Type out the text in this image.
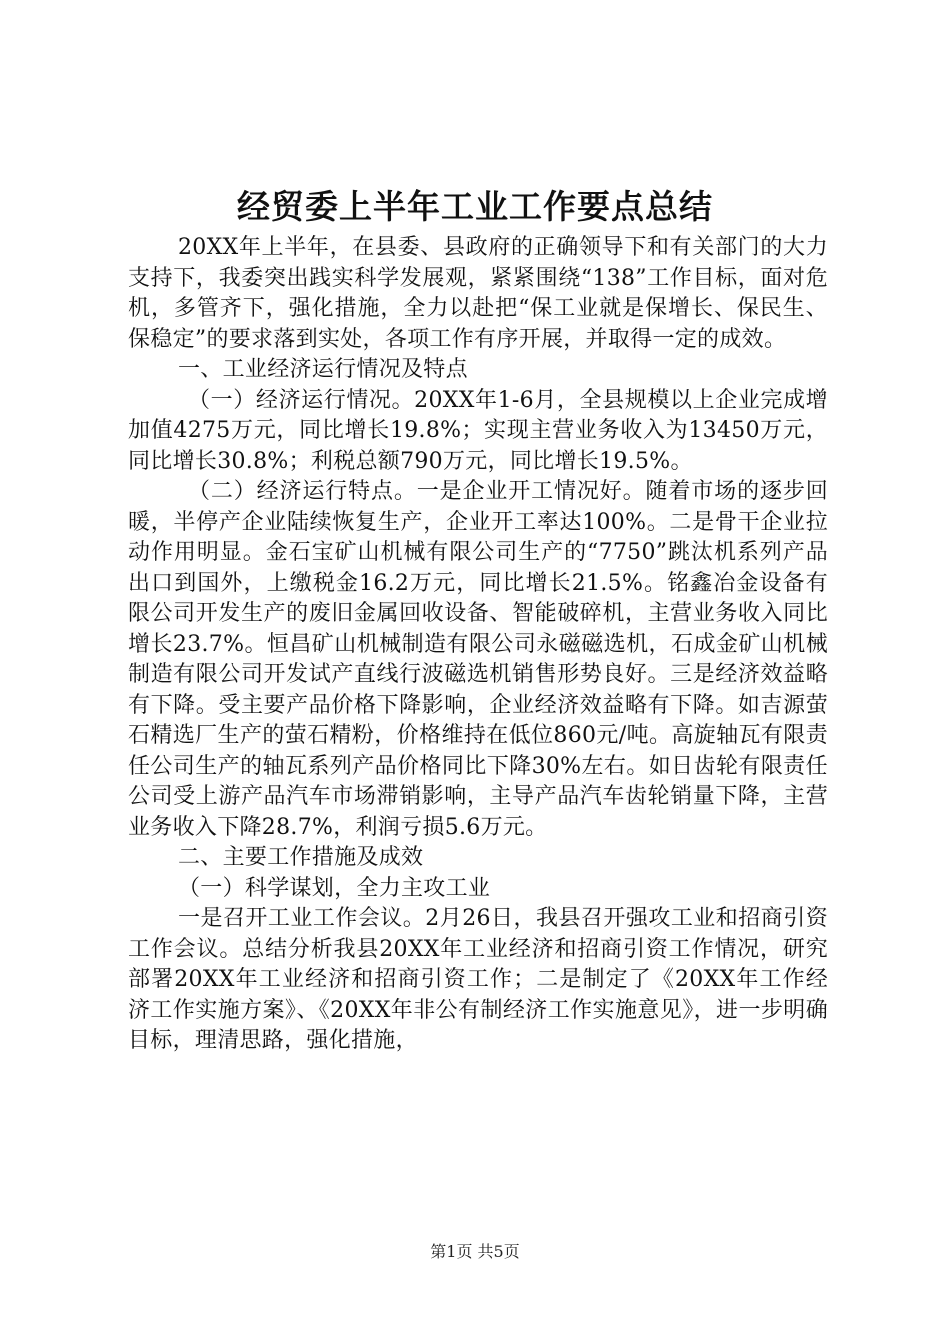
经贸委上半年工业工作要点总结

20XX年上半年，在县委、县政府的正确领导下和有关部门的大力支持下，我委突出践实科学发展观，紧紧围绕“138”工作目标，面对危机，多管齐下，强化措施，全力以赴把“保工业就是保增长、保民生、保稳定”的要求落到实处，各项工作有序开展，并取得一定的成效。

一、工业经济运行情况及特点

（一）经济运行情况。20XX年1-6月，全县规模以上企业完成增加值4275万元，同比增长19.8%；实现主营业务收入为13450万元，同比增长30.8%；利税总额790万元，同比增长19.5%。

（二）经济运行特点。一是企业开工情况好。随着市场的逐步回暖，半停产企业陆续恢复生产，企业开工率达100%。二是骨干企业拉动作用明显。金石宝矿山机械有限公司生产的“7750”跳汰机系列产品出口到国外，上缴税金16.2万元，同比增长21.5%。铭鑫冶金设备有限公司开发生产的废旧金属回收设备、智能破碎机，主营业务收入同比增长23.7%。恒昌矿山机械制造有限公司永磁磁选机，石成金矿山机械制造有限公司开发试产直线行波磁选机销售形势良好。三是经济效益略有下降。受主要产品价格下降影响，企业经济效益略有下降。如吉源萤石精选厂生产的萤石精粉，价格维持在低位860元/吨。高旋轴瓦有限责任公司生产的轴瓦系列产品价格同比下降30%左右。如日齿轮有限责任公司受上游产品汽车市场滞销影响，主导产品汽车齿轮销量下降，主营业务收入下降28.7%，利润亏损5.6万元。

二、主要工作措施及成效

（一）科学谋划，全力主攻工业

一是召开工业工作会议。2月26日，我县召开强攻工业和招商引资工作会议。总结分析我县20XX年工业经济和招商引资工作情况，研究部署20XX年工业经济和招商引资工作；二是制定了《20XX年工作经济工作实施方案》、《20XX年非公有制经济工作实施意见》，进一步明确目标，理清思路，强化措施，

第1页 共5页
